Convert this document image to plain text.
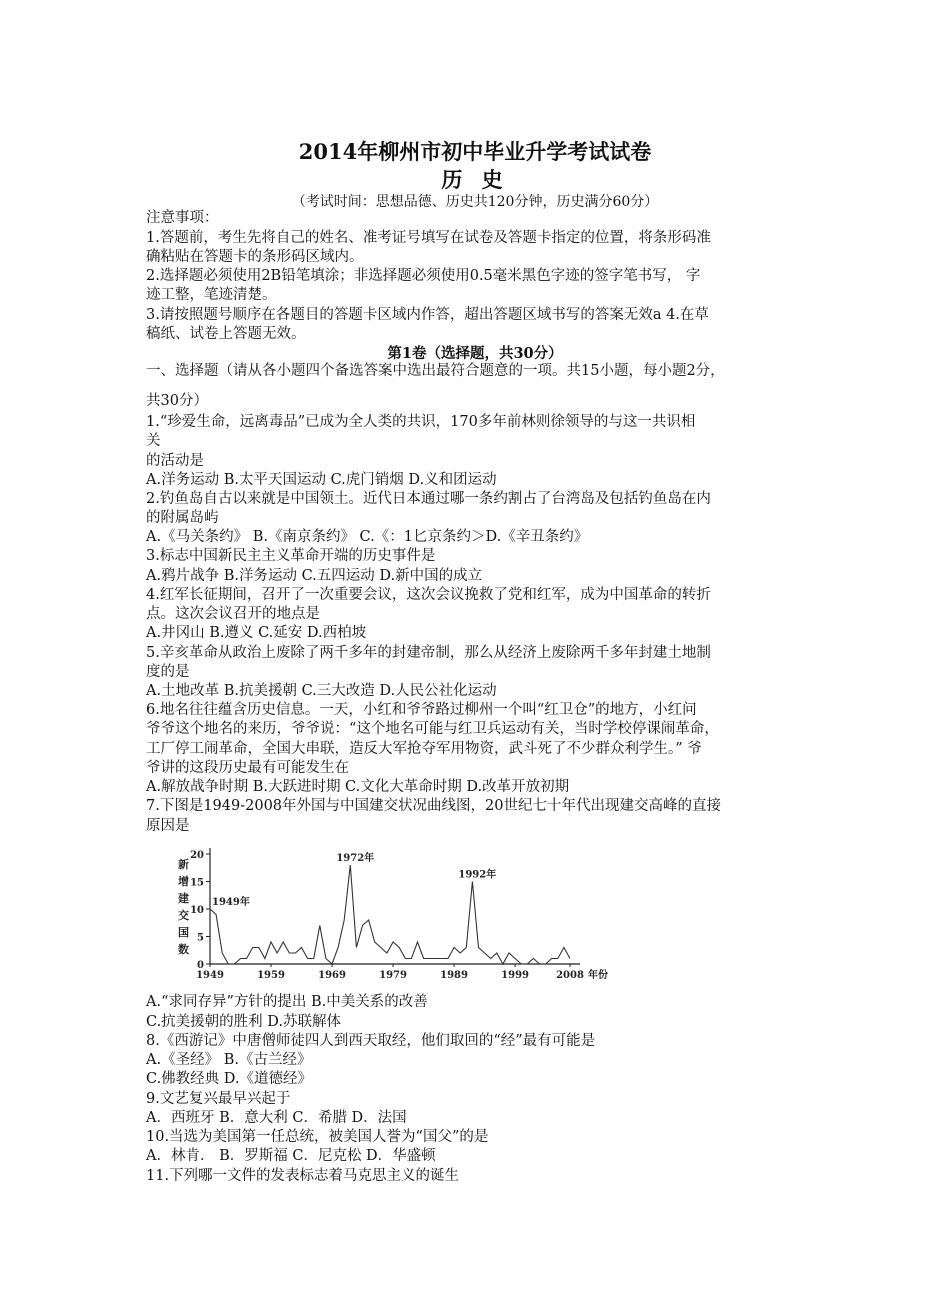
2014年柳州市初中毕业升学考试试卷
历 史
（考试时间：思想品德、历史共120分钟，历史满分60分）
注意事项：
1.答题前，考生先将自己的姓名、准考证号填写在试卷及答题卡指定的位置，将条形码准
确粘贴在答题卡的条形码区域内。
2.选择题必须使用2B铅笔填涂；非选择题必须使用0.5毫米黑色字迹的签字笔书写， 字
迹工整，笔迹清楚。
3.请按照题号顺序在各题目的答题卡区域内作答，超出答题区域书写的答案无效a 4.在草
稿纸、试卷上答题无效。
第1卷（选择题，共30分）
一、选择题（请从各小题四个备选答案中选出最符合题意的一项。共15小题，每小题2分，
共30分）
1.“珍爱生命，远离毒品”已成为全人类的共识，170多年前林则徐领导的与这一共识相
关
的活动是
A.洋务运动 B.太平天国运动 C.虎门销烟 D.义和团运动
2.钓鱼岛自古以来就是中国领土。近代日本通过哪一条约割占了台湾岛及包括钓鱼岛在内
的附属岛屿
A.《马关条约》 B.《南京条约》 C.《：1匕京条约＞D.《辛丑条约》
3.标志中国新民主主义革命开端的历史事件是
A.鸦片战争 B.洋务运动 C.五四运动 D.新中国的成立
4.红军长征期间，召开了一次重要会议，这次会议挽救了党和红军，成为中国革命的转折
点。这次会议召开的地点是
A.井冈山 B.遵义 C.延安 D.西柏坡
5.辛亥革命从政治上废除了两千多年的封建帝制，那么从经济上废除两千多年封建土地制
度的是
A.土地改革 B.抗美援朝 C.三大改造 D.人民公社化运动
6.地名往往蕴含历史信息。一天，小红和爷爷路过柳州一个叫“红卫仓”的地方，小红问
爷爷这个地名的来历，爷爷说：“这个地名可能与红卫兵运动有关，当时学校停课闹革命，
工厂停工闹革命，全国大串联，造反大军抢夺军用物资，武斗死了不少群众利学生。” 爷
爷讲的这段历史最有可能发生在
A.解放战争时期 B.大跃进时期 C.文化大革命时期 D.改革开放初期
7.下图是1949-2008年外国与中国建交状况曲线图，20世纪七十年代出现建交高峰的直接
原因是
新
增
建
交
国
数
0
5
10
15
20
1949	1959	1969	1979	1989	1999	2008 年份
1949年
1972年
1992年
A.“求同存异”方针的提出 B.中美关系的改善
C.抗美援朝的胜利 D.苏联解体
8.《西游记》中唐僧师徒四人到西天取经，他们取回的“经”最有可能是
A.《圣经》 B.《古兰经》
C.佛教经典 D.《道德经》
9.文艺复兴最早兴起于
A．西班牙 B．意大利 C．希腊 D．法国
10.当选为美国第一任总统，被美国人誉为“国父”的是
A．林肯． B．罗斯福 C．尼克松 D．华盛顿
11.下列哪一文件的发表标志着马克思主义的诞生
